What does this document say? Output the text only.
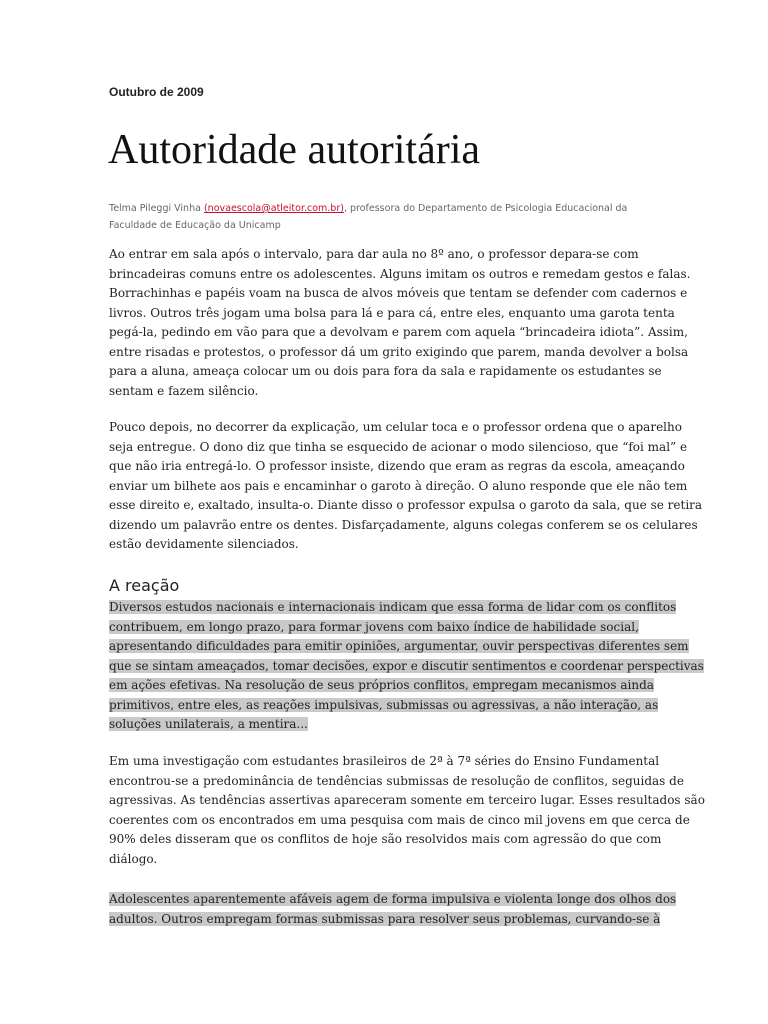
Outubro de 2009
Autoridade autoritária
Telma Pileggi Vinha (novaescola@atleitor.com.br), professora do Departamento de Psicologia Educacional da
Faculdade de Educação da Unicamp
Ao entrar em sala após o intervalo, para dar aula no 8º ano, o professor depara-se com
brincadeiras comuns entre os adolescentes. Alguns imitam os outros e remedam gestos e falas.
Borrachinhas e papéis voam na busca de alvos móveis que tentam se defender com cadernos e
livros. Outros três jogam uma bolsa para lá e para cá, entre eles, enquanto uma garota tenta
pegá-la, pedindo em vão para que a devolvam e parem com aquela “brincadeira idiota”. Assim,
entre risadas e protestos, o professor dá um grito exigindo que parem, manda devolver a bolsa
para a aluna, ameaça colocar um ou dois para fora da sala e rapidamente os estudantes se
sentam e fazem silêncio.
Pouco depois, no decorrer da explicação, um celular toca e o professor ordena que o aparelho
seja entregue. O dono diz que tinha se esquecido de acionar o modo silencioso, que “foi mal” e
que não iria entregá-lo. O professor insiste, dizendo que eram as regras da escola, ameaçando
enviar um bilhete aos pais e encaminhar o garoto à direção. O aluno responde que ele não tem
esse direito e, exaltado, insulta-o. Diante disso o professor expulsa o garoto da sala, que se retira
dizendo um palavrão entre os dentes. Disfarçadamente, alguns colegas conferem se os celulares
estão devidamente silenciados.
A reação
Diversos estudos nacionais e internacionais indicam que essa forma de lidar com os conflitos
contribuem, em longo prazo, para formar jovens com baixo índice de habilidade social,
apresentando dificuldades para emitir opiniões, argumentar, ouvir perspectivas diferentes sem
que se sintam ameaçados, tomar decisões, expor e discutir sentimentos e coordenar perspectivas
em ações efetivas. Na resolução de seus próprios conflitos, empregam mecanismos ainda
primitivos, entre eles, as reações impulsivas, submissas ou agressivas, a não interação, as
soluções unilaterais, a mentira...
Em uma investigação com estudantes brasileiros de 2ª à 7ª séries do Ensino Fundamental
encontrou-se a predominância de tendências submissas de resolução de conflitos, seguidas de
agressivas. As tendências assertivas apareceram somente em terceiro lugar. Esses resultados são
coerentes com os encontrados em uma pesquisa com mais de cinco mil jovens em que cerca de
90% deles disseram que os conflitos de hoje são resolvidos mais com agressão do que com
diálogo.
Adolescentes aparentemente afáveis agem de forma impulsiva e violenta longe dos olhos dos
adultos. Outros empregam formas submissas para resolver seus problemas, curvando-se à
